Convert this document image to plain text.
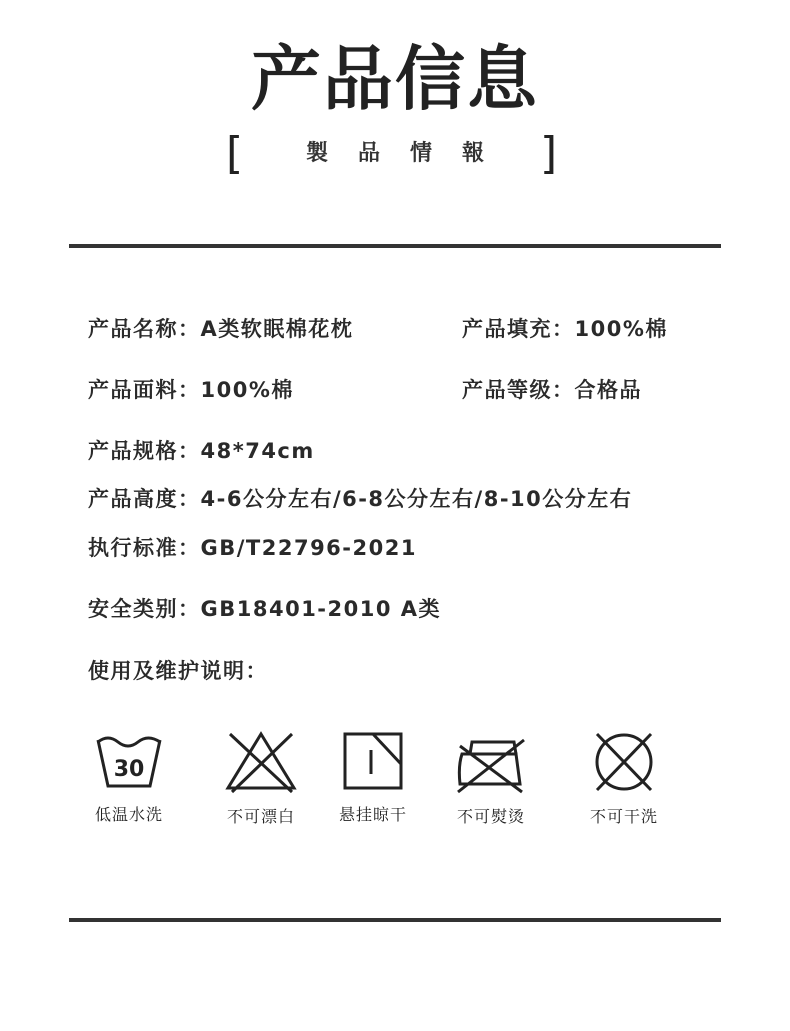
产品信息
[	製品情報 ]
产品名称：A类软眠棉花枕	产品填充：100%棉
产品面料：100%棉	产品等级：合格品
产品规格：48*74cm
产品高度：4-6公分左右/6-8公分左右/8-10公分左右
执行标准：GB/T22796-2021
安全类别：GB18401-2010 A类
使用及维护说明：
30
低温水洗	不可漂白	悬挂晾干	不可熨烫	不可干洗
